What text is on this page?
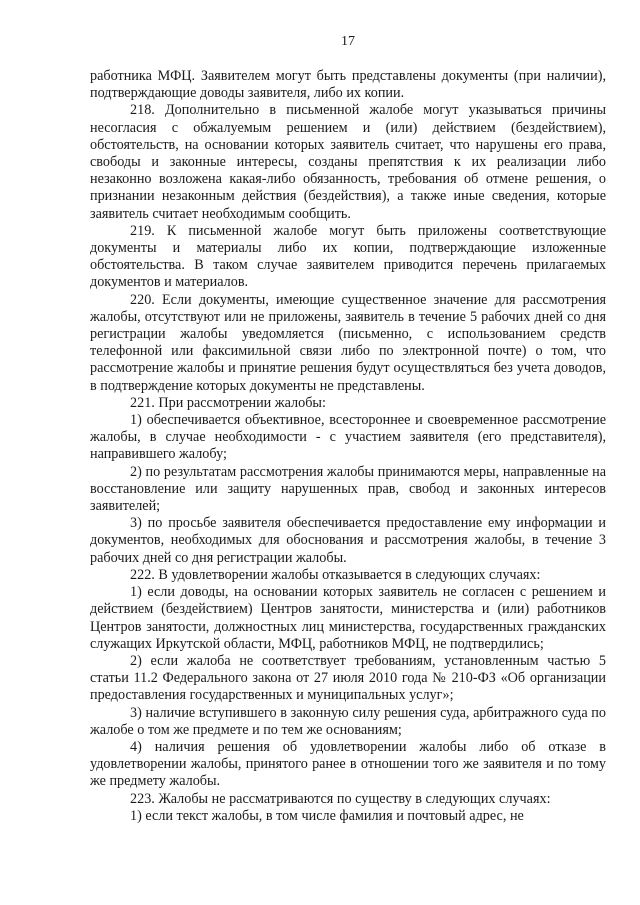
17

работника МФЦ. Заявителем могут быть представлены документы (при наличии), подтверждающие доводы заявителя, либо их копии.

218. Дополнительно в письменной жалобе могут указываться причины несогласия с обжалуемым решением и (или) действием (бездействием), обстоятельств, на основании которых заявитель считает, что нарушены его права, свободы и законные интересы, созданы препятствия к их реализации либо незаконно возложена какая-либо обязанность, требования об отмене решения, о признании незаконным действия (бездействия), а также иные сведения, которые заявитель считает необходимым сообщить.

219. К письменной жалобе могут быть приложены соответствующие документы и материалы либо их копии, подтверждающие изложенные обстоятельства. В таком случае заявителем приводится перечень прилагаемых документов и материалов.

220. Если документы, имеющие существенное значение для рассмотрения жалобы, отсутствуют или не приложены, заявитель в течение 5 рабочих дней со дня регистрации жалобы уведомляется (письменно, с использованием средств телефонной или факсимильной связи либо по электронной почте) о том, что рассмотрение жалобы и принятие решения будут осуществляться без учета доводов, в подтверждение которых документы не представлены.

221. При рассмотрении жалобы:

1) обеспечивается объективное, всестороннее и своевременное рассмотрение жалобы, в случае необходимости - с участием заявителя (его представителя), направившего жалобу;

2) по результатам рассмотрения жалобы принимаются меры, направленные на восстановление или защиту нарушенных прав, свобод и законных интересов заявителей;

3) по просьбе заявителя обеспечивается предоставление ему информации и документов, необходимых для обоснования и рассмотрения жалобы, в течение 3 рабочих дней со дня регистрации жалобы.

222. В удовлетворении жалобы отказывается в следующих случаях:

1) если доводы, на основании которых заявитель не согласен с решением и действием (бездействием) Центров занятости, министерства и (или) работников Центров занятости, должностных лиц министерства, государственных гражданских служащих Иркутской области, МФЦ, работников МФЦ, не подтвердились;

2) если жалоба не соответствует требованиям, установленным частью 5 статьи 11.2 Федерального закона от 27 июля 2010 года № 210-ФЗ «Об организации предоставления государственных и муниципальных услуг»;

3) наличие вступившего в законную силу решения суда, арбитражного суда по жалобе о том же предмете и по тем же основаниям;

4) наличия решения об удовлетворении жалобы либо об отказе в удовлетворении жалобы, принятого ранее в отношении того же заявителя и по тому же предмету жалобы.

223. Жалобы не рассматриваются по существу в следующих случаях:

1) если текст жалобы, в том числе фамилия и почтовый адрес, не
